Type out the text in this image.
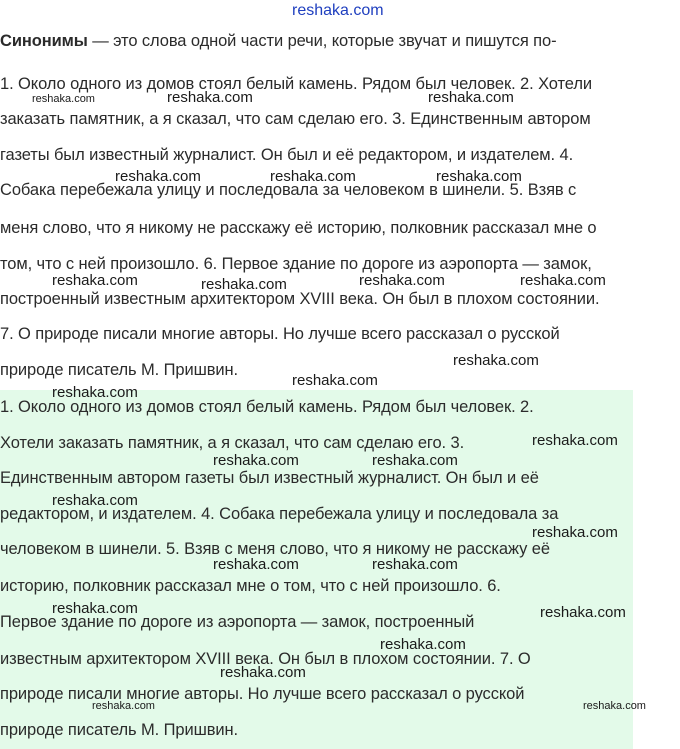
reshaka.com
Синонимы — это слова одной части речи, которые звучат и пишутся по-
1. Около одного из домов стоял белый камень. Рядом был человек. 2. Хотели
заказать памятник, а я сказал, что сам сделаю его. 3. Единственным автором
газеты был известный журналист. Он был и её редактором, и издателем. 4.
Собака перебежала улицу и последовала за человеком в шинели. 5. Взяв с
меня слово, что я никому не расскажу её историю, полковник рассказал мне о
том, что с ней произошло. 6. Первое здание по дороге из аэропорта — замок,
построенный известным архитектором XVIII века. Он был в плохом состоянии.
7. О природе писали многие авторы. Но лучше всего рассказал о русской
природе писатель М. Пришвин.
1. Около одного из домов стоял белый камень. Рядом был человек. 2.
Хотели заказать памятник, а я сказал, что сам сделаю его. 3.
Единственным автором газеты был известный журналист. Он был и её
редактором, и издателем. 4. Собака перебежала улицу и последовала за
человеком в шинели. 5. Взяв с меня слово, что я никому не расскажу её
историю, полковник рассказал мне о том, что с ней произошло. 6.
Первое здание по дороге из аэропорта — замок, построенный
известным архитектором XVIII века. Он был в плохом состоянии. 7. О
природе писали многие авторы. Но лучше всего рассказал о русской
природе писатель М. Пришвин.
reshaka.com	reshaka.com	reshaka.com
reshaka.com	reshaka.com	reshaka.com
reshaka.com	reshaka.com	reshaka.com	reshaka.com
reshaka.com
reshaka.com
reshaka.com
reshaka.com
reshaka.com	reshaka.com
reshaka.com
reshaka.com
reshaka.com	reshaka.com
reshaka.com	reshaka.com
reshaka.com
reshaka.com
reshaka.com	reshaka.com
